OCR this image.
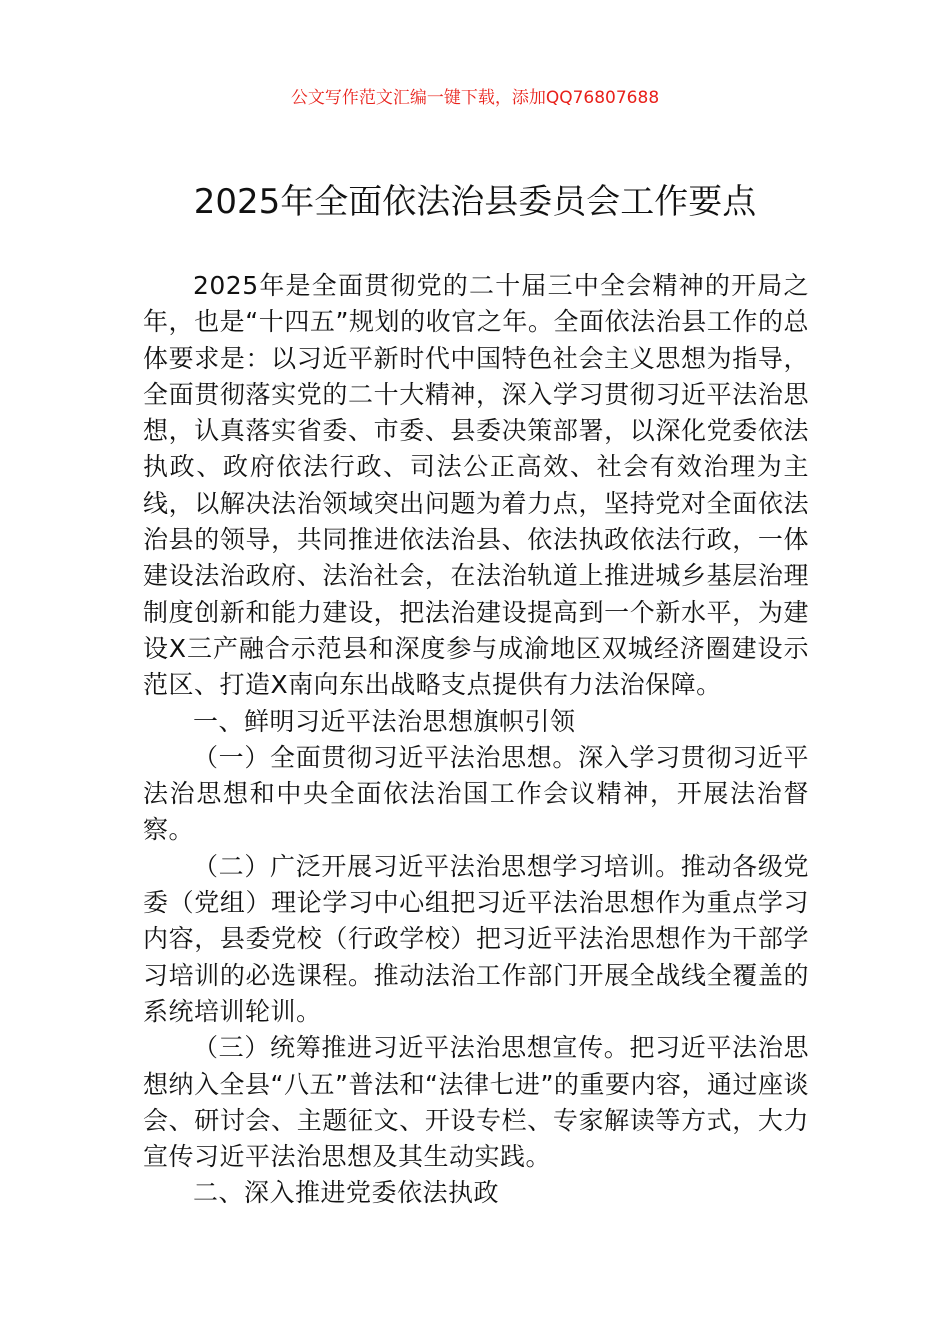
公文写作范文汇编一键下载，添加QQ76807688
2025年全面依法治县委员会工作要点

2025年是全面贯彻党的二十届三中全会精神的开局之年，也是“十四五”规划的收官之年。全面依法治县工作的总体要求是：以习近平新时代中国特色社会主义思想为指导，全面贯彻落实党的二十大精神，深入学习贯彻习近平法治思想，认真落实省委、市委、县委决策部署，以深化党委依法执政、政府依法行政、司法公正高效、社会有效治理为主线，以解决法治领域突出问题为着力点，坚持党对全面依法治县的领导，共同推进依法治县、依法执政依法行政，一体建设法治政府、法治社会，在法治轨道上推进城乡基层治理制度创新和能力建设，把法治建设提高到一个新水平，为建设X三产融合示范县和深度参与成渝地区双城经济圈建设示范区、打造X南向东出战略支点提供有力法治保障。

一、鲜明习近平法治思想旗帜引领

（一）全面贯彻习近平法治思想。深入学习贯彻习近平法治思想和中央全面依法治国工作会议精神，开展法治督察。

（二）广泛开展习近平法治思想学习培训。推动各级党委（党组）理论学习中心组把习近平法治思想作为重点学习内容，县委党校（行政学校）把习近平法治思想作为干部学习培训的必选课程。推动法治工作部门开展全战线全覆盖的系统培训轮训。

（三）统筹推进习近平法治思想宣传。把习近平法治思想纳入全县“八五”普法和“法律七进”的重要内容，通过座谈会、研讨会、主题征文、开设专栏、专家解读等方式，大力宣传习近平法治思想及其生动实践。

二、深入推进党委依法执政
